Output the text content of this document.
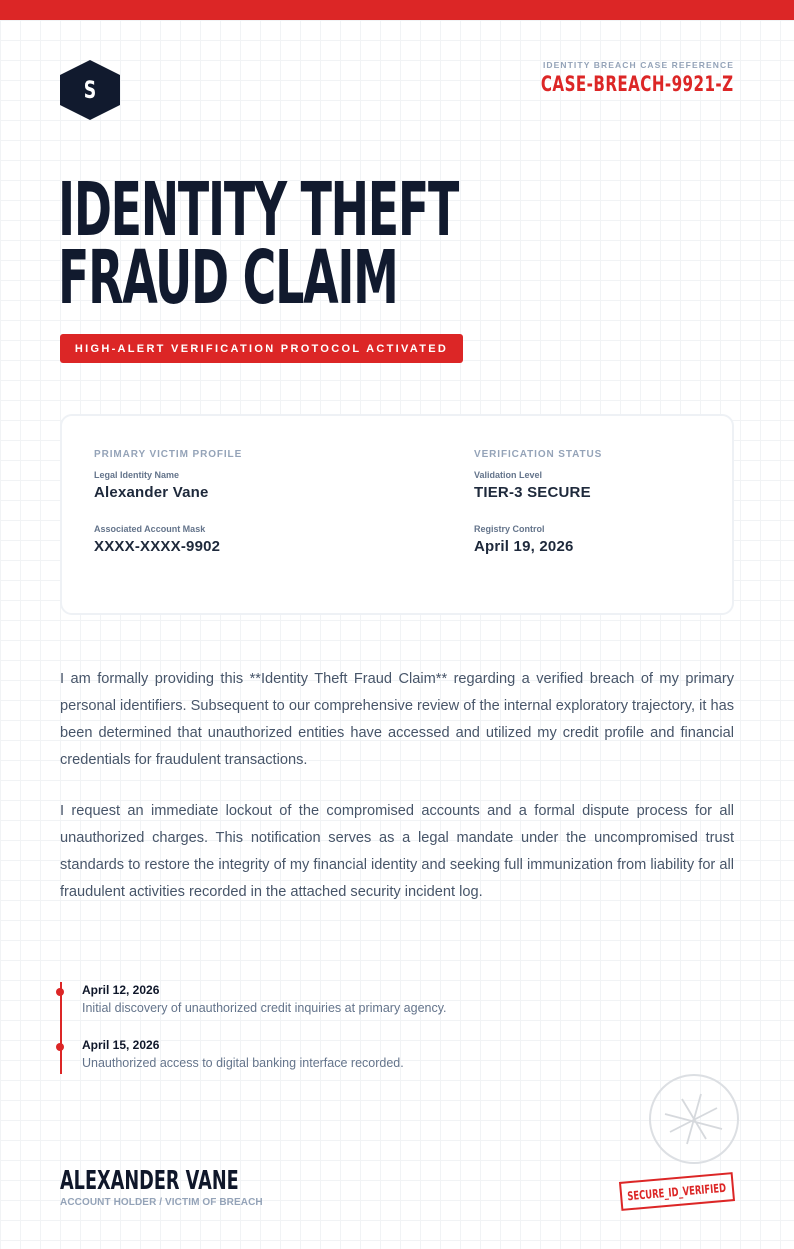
S
IDENTITY BREACH CASE REFERENCE
CASE-BREACH-9921-Z
IDENTITY THEFT
FRAUD CLAIM
HIGH-ALERT VERIFICATION PROTOCOL ACTIVATED
PRIMARY VICTIM PROFILE
Legal Identity Name
Alexander Vane
Associated Account Mask
XXXX-XXXX-9902
VERIFICATION STATUS
Validation Level
TIER-3 SECURE
Registry Control
April 19, 2026

I am formally providing this **Identity Theft Fraud Claim** regarding a verified breach of my primary personal identifiers. Subsequent to our comprehensive review of the internal exploratory trajectory, it has been determined that unauthorized entities have accessed and utilized my credit profile and financial credentials for fraudulent transactions.

I request an immediate lockout of the compromised accounts and a formal dispute process for all unauthorized charges. This notification serves as a legal mandate under the uncompromised trust standards to restore the integrity of my financial identity and seeking full immunization from liability for all fraudulent activities recorded in the attached security incident log.

April 12, 2026
Initial discovery of unauthorized credit inquiries at primary agency.
April 15, 2026
Unauthorized access to digital banking interface recorded.
ALEXANDER VANE
ACCOUNT HOLDER / VICTIM OF BREACH	SECURE_ID_VERIFIED
